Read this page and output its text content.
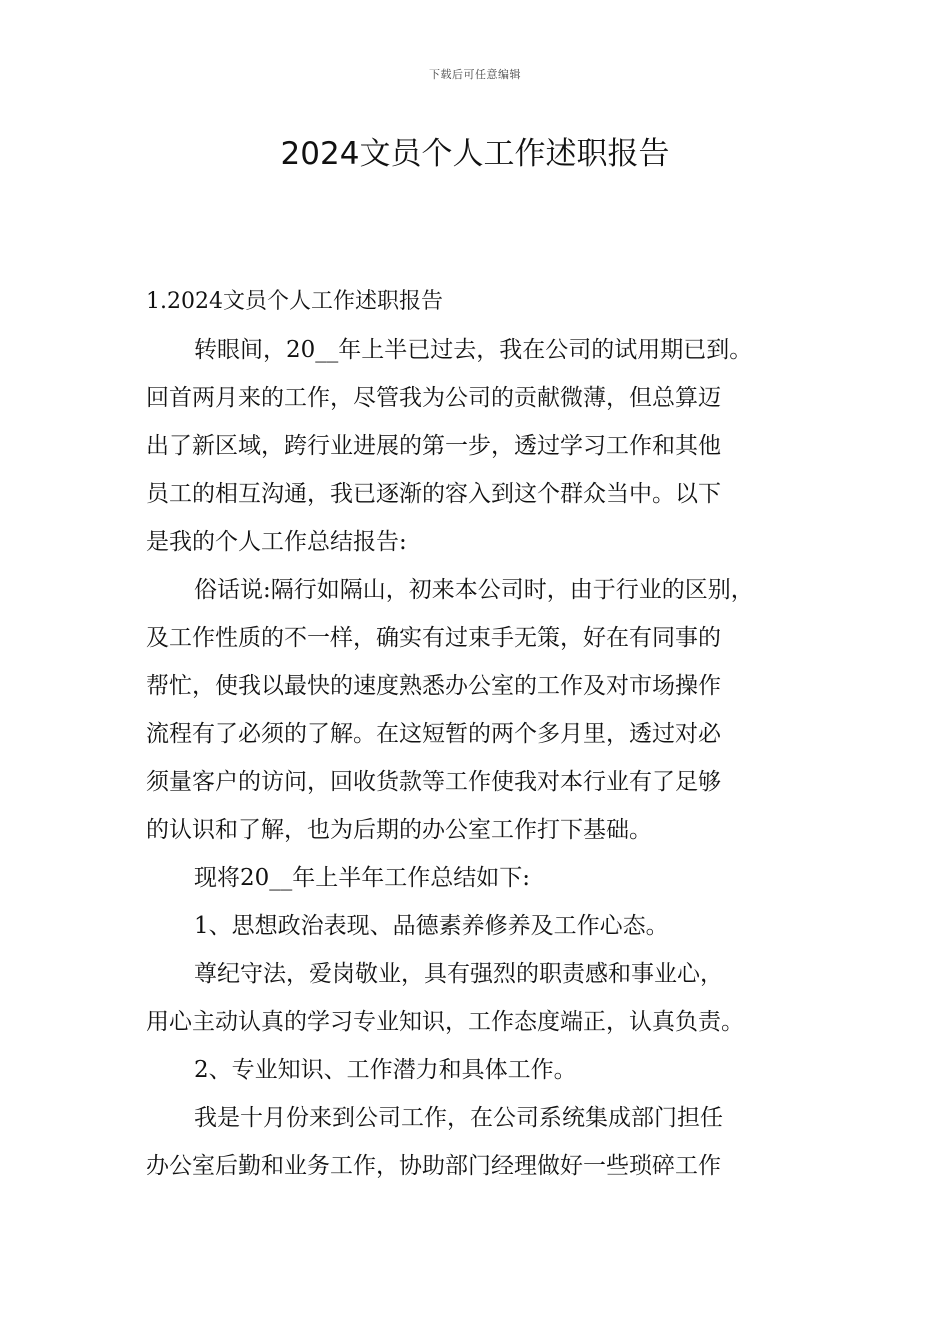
下载后可任意编辑
2024文员个人工作述职报告

1.2024文员个人工作述职报告

转眼间，20__年上半已过去，我在公司的试用期已到。

回首两月来的工作，尽管我为公司的贡献微薄，但总算迈

出了新区域，跨行业进展的第一步，透过学习工作和其他

员工的相互沟通，我已逐渐的容入到这个群众当中。以下

是我的个人工作总结报告:

俗话说:隔行如隔山，初来本公司时，由于行业的区别，

及工作性质的不一样，确实有过束手无策，好在有同事的

帮忙，使我以最快的速度熟悉办公室的工作及对市场操作

流程有了必须的了解。在这短暂的两个多月里，透过对必

须量客户的访问，回收货款等工作使我对本行业有了足够

的认识和了解，也为后期的办公室工作打下基础。

现将20__年上半年工作总结如下:

1、思想政治表现、品德素养修养及工作心态。

尊纪守法，爱岗敬业，具有强烈的职责感和事业心，

用心主动认真的学习专业知识，工作态度端正，认真负责。

2、专业知识、工作潜力和具体工作。

我是十月份来到公司工作，在公司系统集成部门担任

办公室后勤和业务工作，协助部门经理做好一些琐碎工作
